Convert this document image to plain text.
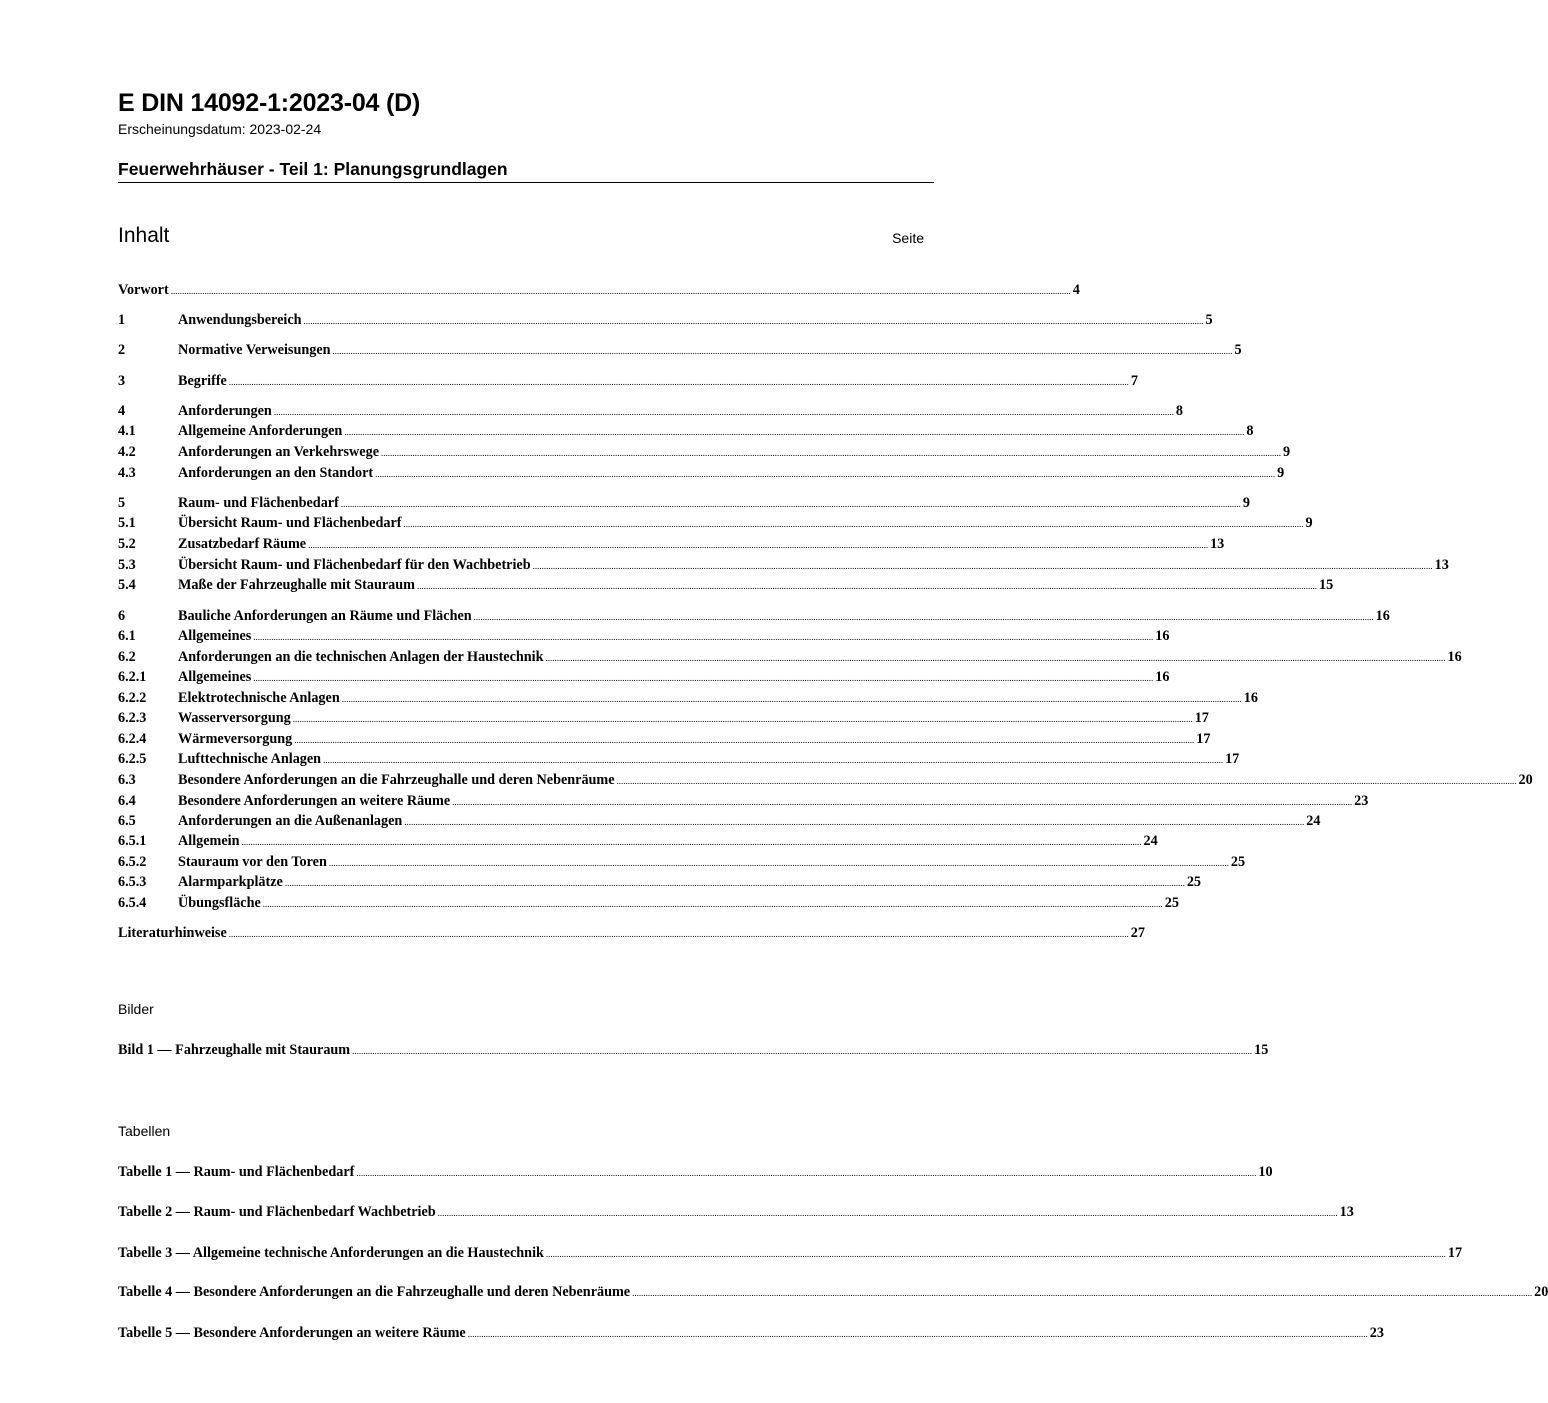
E DIN 14092-1:2023-04 (D)
Erscheinungsdatum: 2023-02-24
Feuerwehrhäuser - Teil 1: Planungsgrundlagen
Inhalt	Seite
Vorwort ................................................................................................................................................................................................................................................................................................................................................................................................................ 4
1	Anwendungsbereich ................................................................................................................................................................................................................................................................................................................................................................................................................ 5
2	Normative Verweisungen ................................................................................................................................................................................................................................................................................................................................................................................................................ 5
3	Begriffe ................................................................................................................................................................................................................................................................................................................................................................................................................ 7
4	Anforderungen ................................................................................................................................................................................................................................................................................................................................................................................................................ 8
4.1	Allgemeine Anforderungen ................................................................................................................................................................................................................................................................................................................................................................................................................ 8
4.2	Anforderungen an Verkehrswege ................................................................................................................................................................................................................................................................................................................................................................................................................ 9
4.3	Anforderungen an den Standort ................................................................................................................................................................................................................................................................................................................................................................................................................ 9
5	Raum- und Flächenbedarf ................................................................................................................................................................................................................................................................................................................................................................................................................ 9
5.1	Übersicht Raum- und Flächenbedarf ................................................................................................................................................................................................................................................................................................................................................................................................................ 9
5.2	Zusatzbedarf Räume ................................................................................................................................................................................................................................................................................................................................................................................................................ 13
5.3	Übersicht Raum- und Flächenbedarf für den Wachbetrieb ................................................................................................................................................................................................................................................................................................................................................................................................................ 13
5.4	Maße der Fahrzeughalle mit Stauraum ................................................................................................................................................................................................................................................................................................................................................................................................................ 15
6	Bauliche Anforderungen an Räume und Flächen ................................................................................................................................................................................................................................................................................................................................................................................................................ 16
6.1	Allgemeines ................................................................................................................................................................................................................................................................................................................................................................................................................ 16
6.2	Anforderungen an die technischen Anlagen der Haustechnik ................................................................................................................................................................................................................................................................................................................................................................................................................ 16
6.2.1	Allgemeines ................................................................................................................................................................................................................................................................................................................................................................................................................ 16
6.2.2	Elektrotechnische Anlagen ................................................................................................................................................................................................................................................................................................................................................................................................................ 16
6.2.3	Wasserversorgung ................................................................................................................................................................................................................................................................................................................................................................................................................ 17
6.2.4	Wärmeversorgung ................................................................................................................................................................................................................................................................................................................................................................................................................ 17
6.2.5	Lufttechnische Anlagen ................................................................................................................................................................................................................................................................................................................................................................................................................ 17
6.3	Besondere Anforderungen an die Fahrzeughalle und deren Nebenräume ................................................................................................................................................................................................................................................................................................................................................................................................................ 20
6.4	Besondere Anforderungen an weitere Räume ................................................................................................................................................................................................................................................................................................................................................................................................................ 23
6.5	Anforderungen an die Außenanlagen ................................................................................................................................................................................................................................................................................................................................................................................................................ 24
6.5.1	Allgemein ................................................................................................................................................................................................................................................................................................................................................................................................................ 24
6.5.2	Stauraum vor den Toren ................................................................................................................................................................................................................................................................................................................................................................................................................ 25
6.5.3	Alarmparkplätze ................................................................................................................................................................................................................................................................................................................................................................................................................ 25
6.5.4	Übungsfläche ................................................................................................................................................................................................................................................................................................................................................................................................................ 25
Literaturhinweise ................................................................................................................................................................................................................................................................................................................................................................................................................ 27
Bilder
Bild 1 — Fahrzeughalle mit Stauraum ................................................................................................................................................................................................................................................................................................................................................................................................................ 15
Tabellen
Tabelle 1 — Raum- und Flächenbedarf ................................................................................................................................................................................................................................................................................................................................................................................................................ 10
Tabelle 2 — Raum- und Flächenbedarf Wachbetrieb ................................................................................................................................................................................................................................................................................................................................................................................................................ 13
Tabelle 3 — Allgemeine technische Anforderungen an die Haustechnik ................................................................................................................................................................................................................................................................................................................................................................................................................ 17
Tabelle 4 — Besondere Anforderungen an die Fahrzeughalle und deren Nebenräume ................................................................................................................................................................................................................................................................................................................................................................................................................ 20
Tabelle 5 — Besondere Anforderungen an weitere Räume ................................................................................................................................................................................................................................................................................................................................................................................................................ 23
